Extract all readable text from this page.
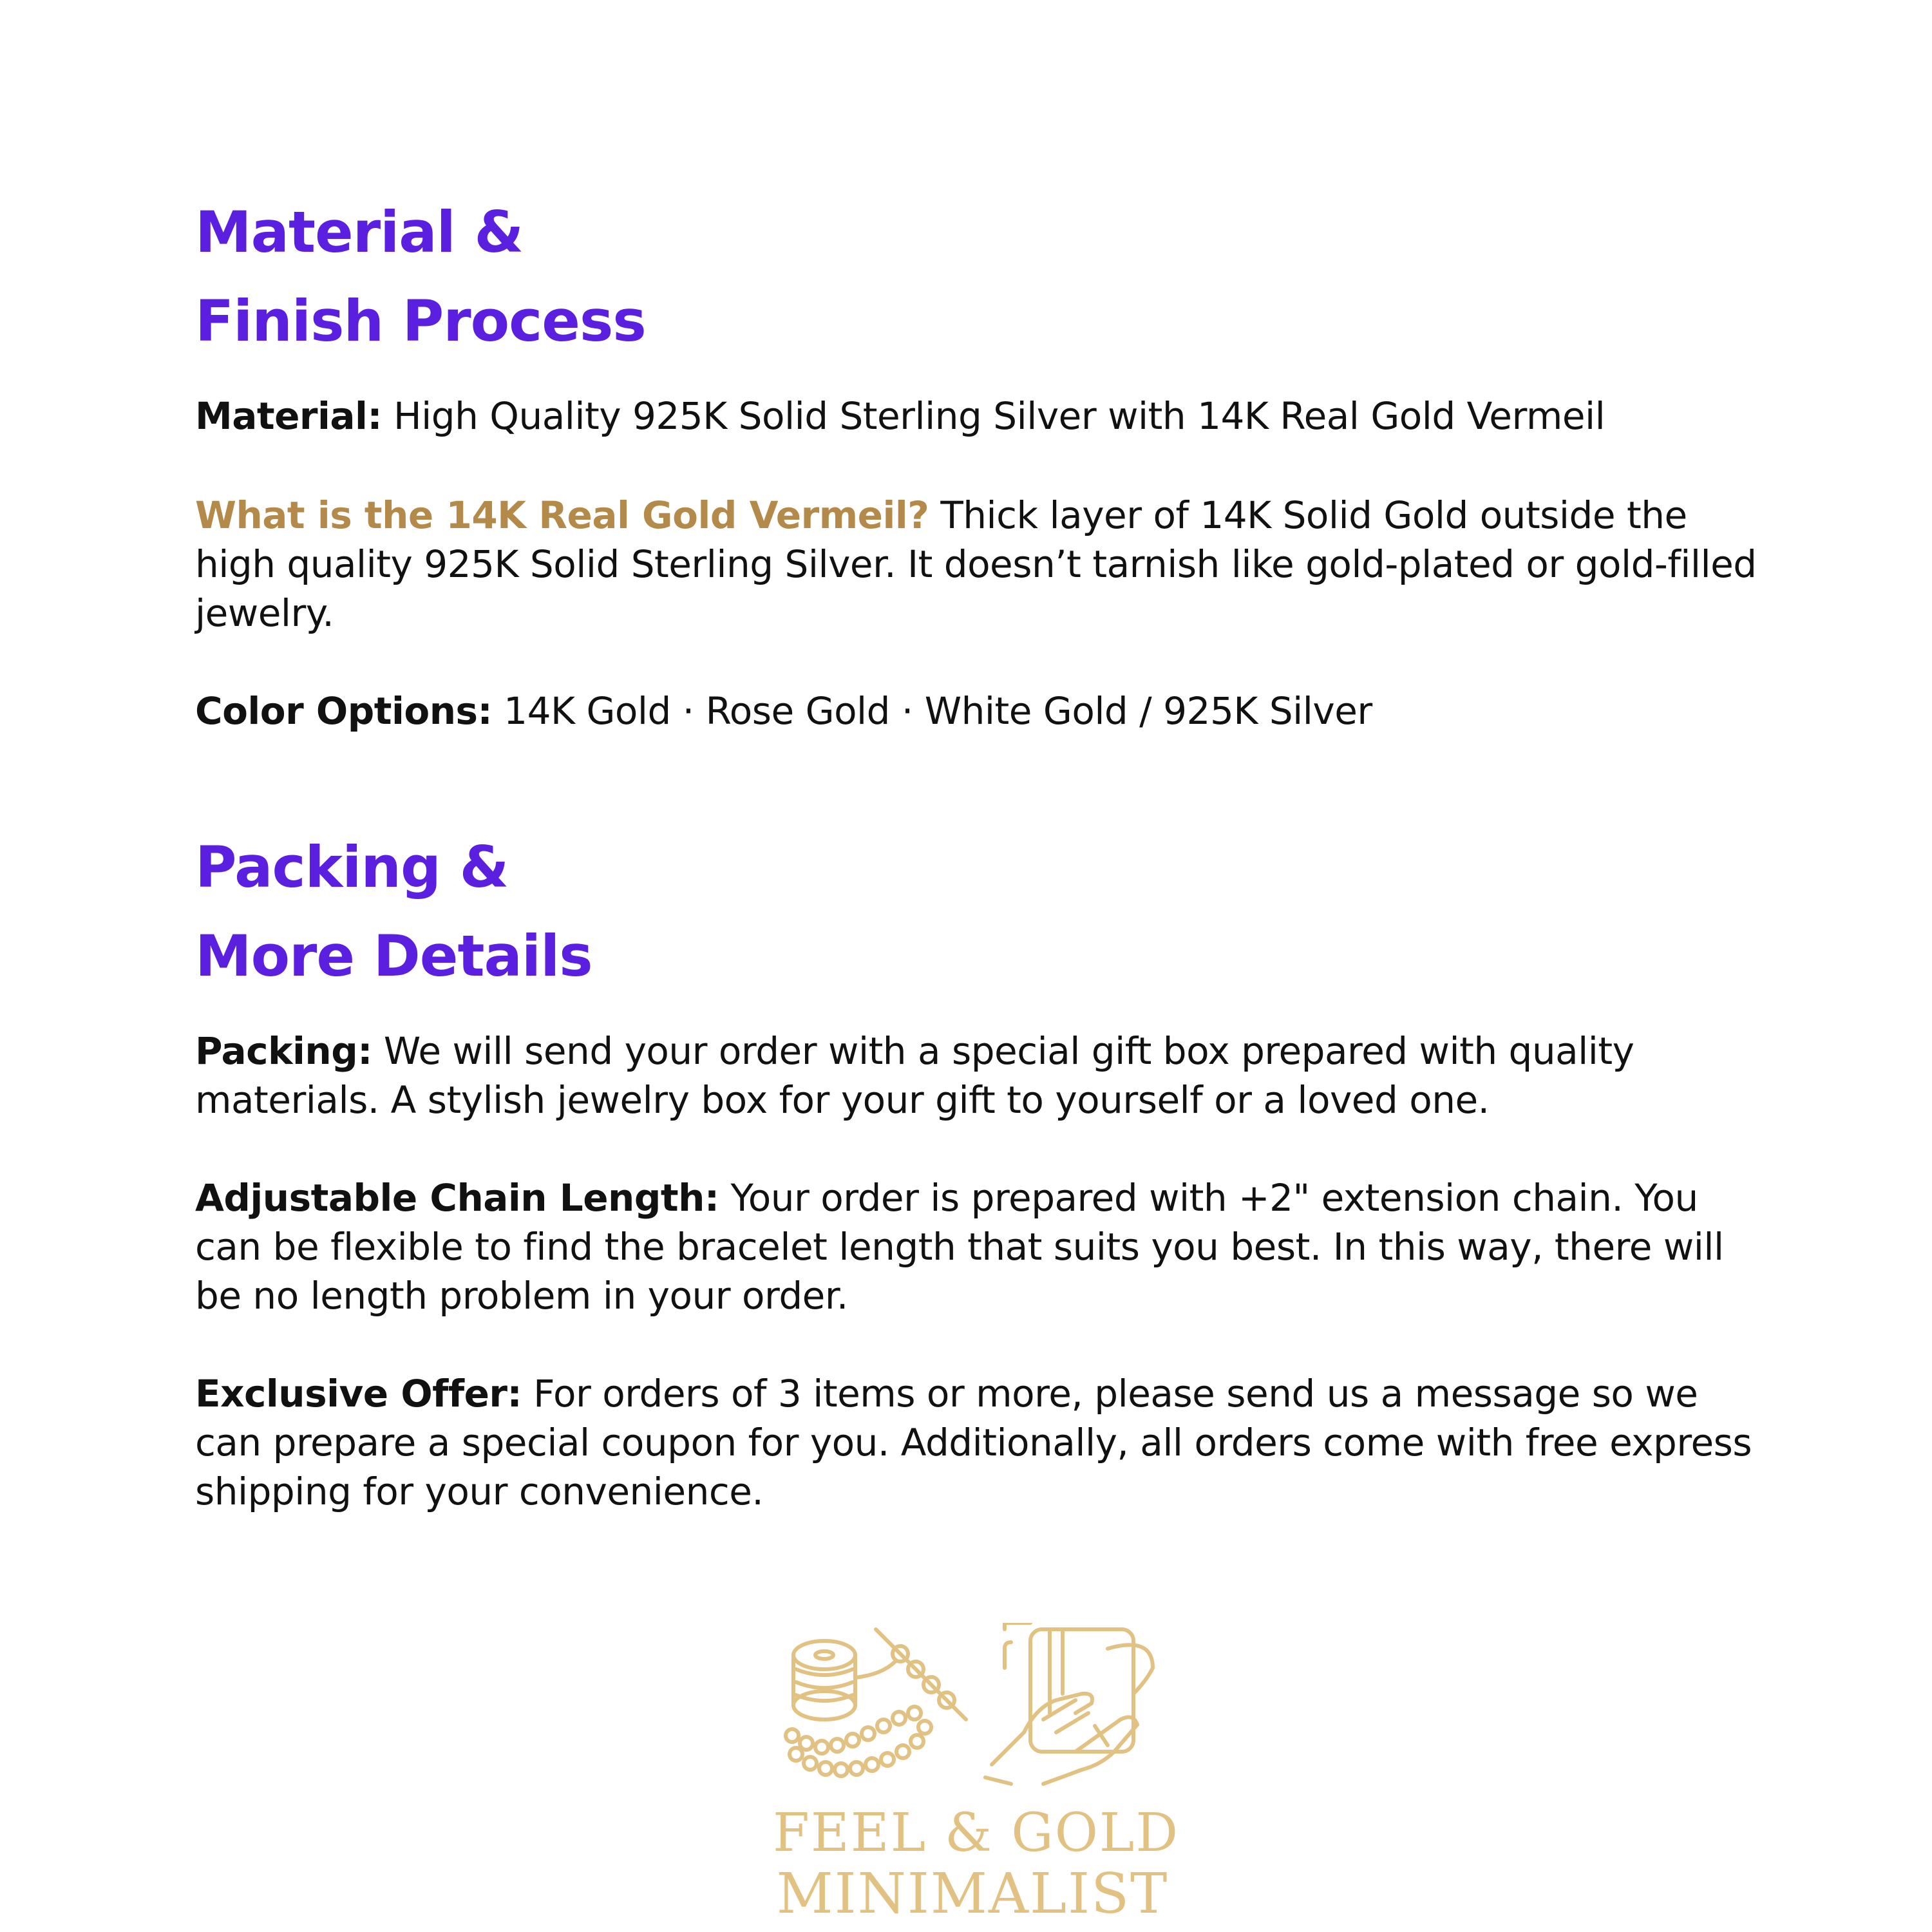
Material &
Finish Process

Material: High Quality 925K Solid Sterling Silver with 14K Real Gold Vermeil

What is the 14K Real Gold Vermeil? Thick layer of 14K Solid Gold outside the high quality 925K Solid Sterling Silver. It doesn’t tarnish like gold-plated or gold-filled jewelry.

Color Options: 14K Gold · Rose Gold · White Gold / 925K Silver

Packing &
More Details

Packing: We will send your order with a special gift box prepared with quality materials. A stylish jewelry box for your gift to yourself or a loved one.

Adjustable Chain Length: Your order is prepared with +2" extension chain. You can be flexible to find the bracelet length that suits you best. In this way, there will be no length problem in your order.

Exclusive Offer: For orders of 3 items or more, please send us a message so we can prepare a special coupon for you. Additionally, all orders come with free express shipping for your convenience.

FEEL & GOLD
MINIMALIST
